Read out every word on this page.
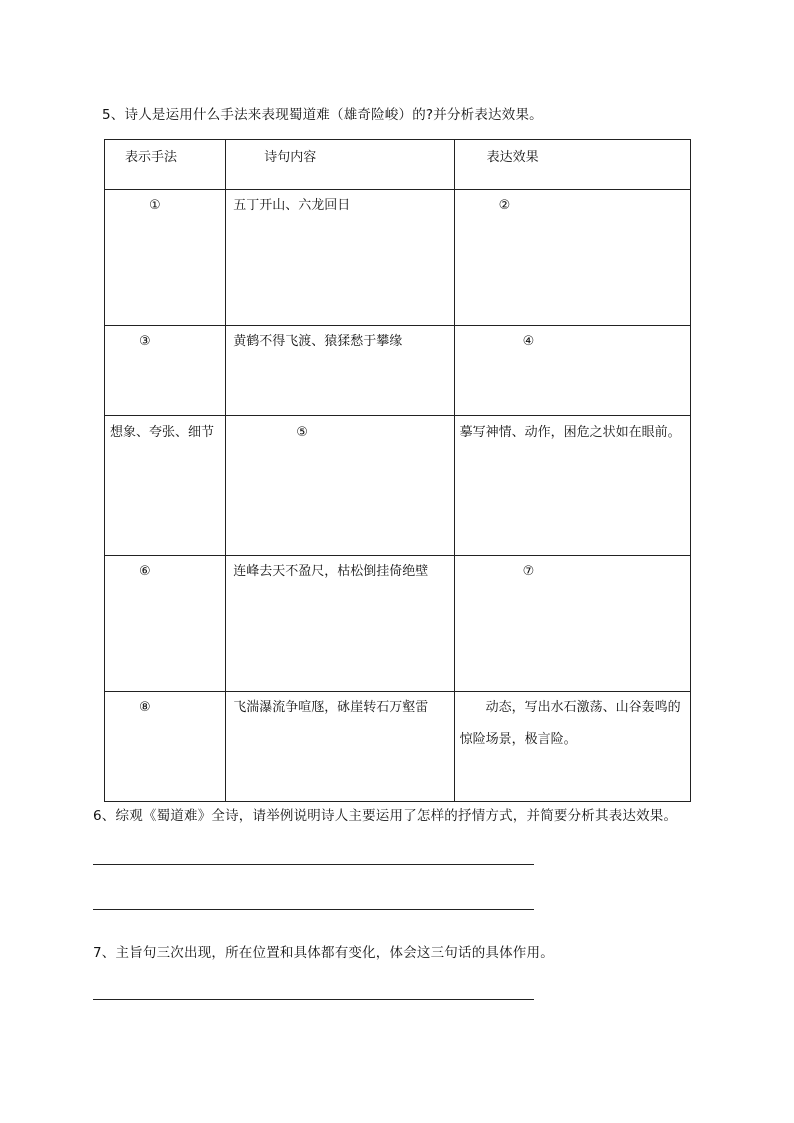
5、诗人是运用什么手法来表现蜀道难（雄奇险峻）的?并分析表达效果。
表示手法	诗句内容	表达效果

①	五丁开山、六龙回日	②

③	黄鹤不得飞渡、猿猱愁于攀缘	④

想象、夸张、细节	⑤	摹写神情、动作，困危之状如在眼前。

⑥	连峰去天不盈尺，枯松倒挂倚绝壁	⑦

⑧	飞湍瀑流争喧豗，砯崖转石万壑雷	动态，写出水石激荡、山谷轰鸣的惊险场景，极言险。
6、综观《蜀道难》全诗，请举例说明诗人主要运用了怎样的抒情方式，并简要分析其表达效果。
7、主旨句三次出现，所在位置和具体都有变化，体会这三句话的具体作用。
